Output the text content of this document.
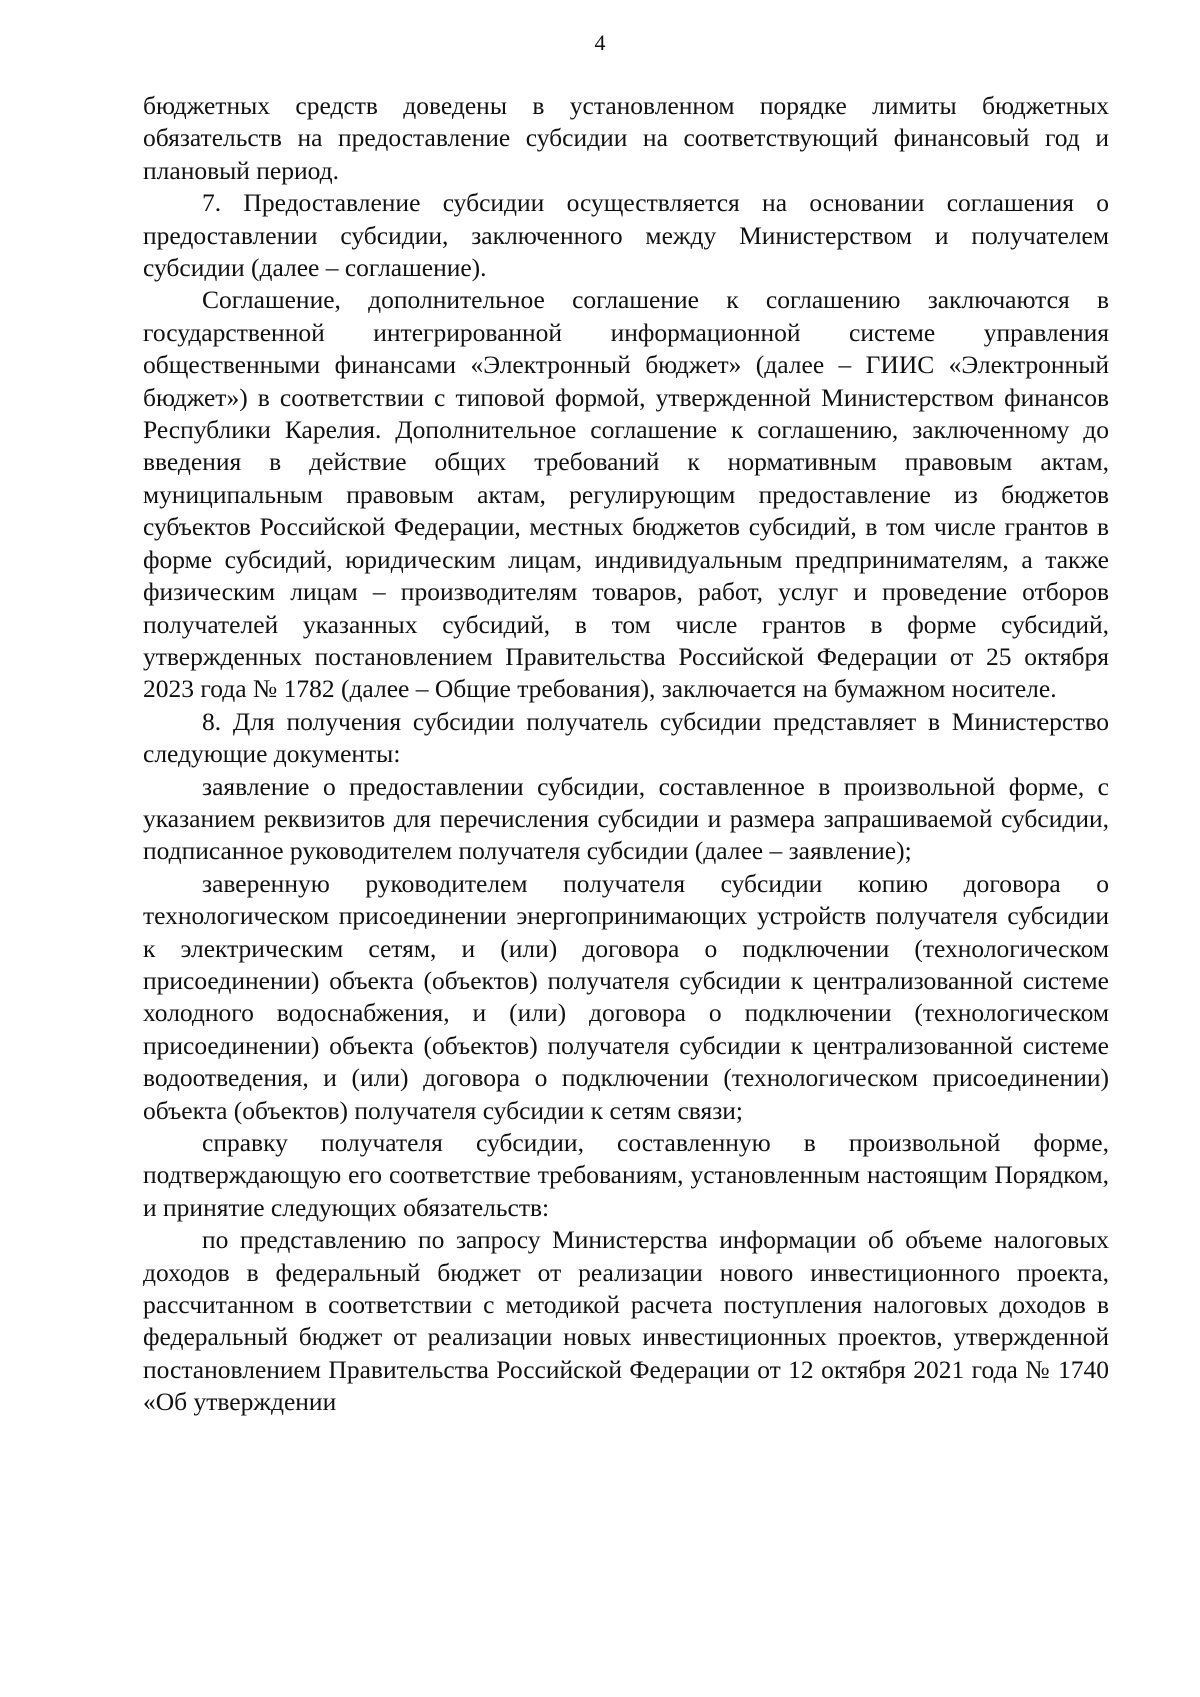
4

бюджетных средств доведены в установленном порядке лимиты бюджетных обязательств на предоставление субсидии на соответствующий финансовый год и плановый период.

7. Предоставление субсидии осуществляется на основании соглашения о предоставлении субсидии, заключенного между Министерством и получателем субсидии (далее – соглашение).

Соглашение, дополнительное соглашение к соглашению заключаются в государственной интегрированной информационной системе управления общественными финансами «Электронный бюджет» (далее – ГИИС «Электронный бюджет») в соответствии с типовой формой, утвержденной Министерством финансов Республики Карелия. Дополнительное соглашение к соглашению, заключенному до введения в действие общих требований к нормативным правовым актам, муниципальным правовым актам, регулирующим предоставление из бюджетов субъектов Российской Федерации, местных бюджетов субсидий, в том числе грантов в форме субсидий, юридическим лицам, индивидуальным предпринимателям, а также физическим лицам – производителям товаров, работ, услуг и проведение отборов получателей указанных субсидий, в том числе грантов в форме субсидий, утвержденных постановлением Правительства Российской Федерации от 25 октября 2023 года № 1782 (далее – Общие требования), заключается на бумажном носителе.

8. Для получения субсидии получатель субсидии представляет в Министерство следующие документы:

заявление о предоставлении субсидии, составленное в произвольной форме, с указанием реквизитов для перечисления субсидии и размера запрашиваемой субсидии, подписанное руководителем получателя субсидии (далее – заявление);

заверенную руководителем получателя субсидии копию договора о технологическом присоединении энергопринимающих устройств получателя субсидии к электрическим сетям, и (или) договора о подключении (технологическом присоединении) объекта (объектов) получателя субсидии к централизованной системе холодного водоснабжения, и (или) договора о подключении (технологическом присоединении) объекта (объектов) получателя субсидии к централизованной системе водоотведения, и (или) договора о подключении (технологическом присоединении) объекта (объектов) получателя субсидии к сетям связи;

справку получателя субсидии, составленную в произвольной форме, подтверждающую его соответствие требованиям, установленным настоящим Порядком, и принятие следующих обязательств:

по представлению по запросу Министерства информации об объеме налоговых доходов в федеральный бюджет от реализации нового инвестиционного проекта, рассчитанном в соответствии с методикой расчета поступления налоговых доходов в федеральный бюджет от реализации новых инвестиционных проектов, утвержденной постановлением Правительства Российской Федерации от 12 октября 2021 года № 1740 «Об утверждении
